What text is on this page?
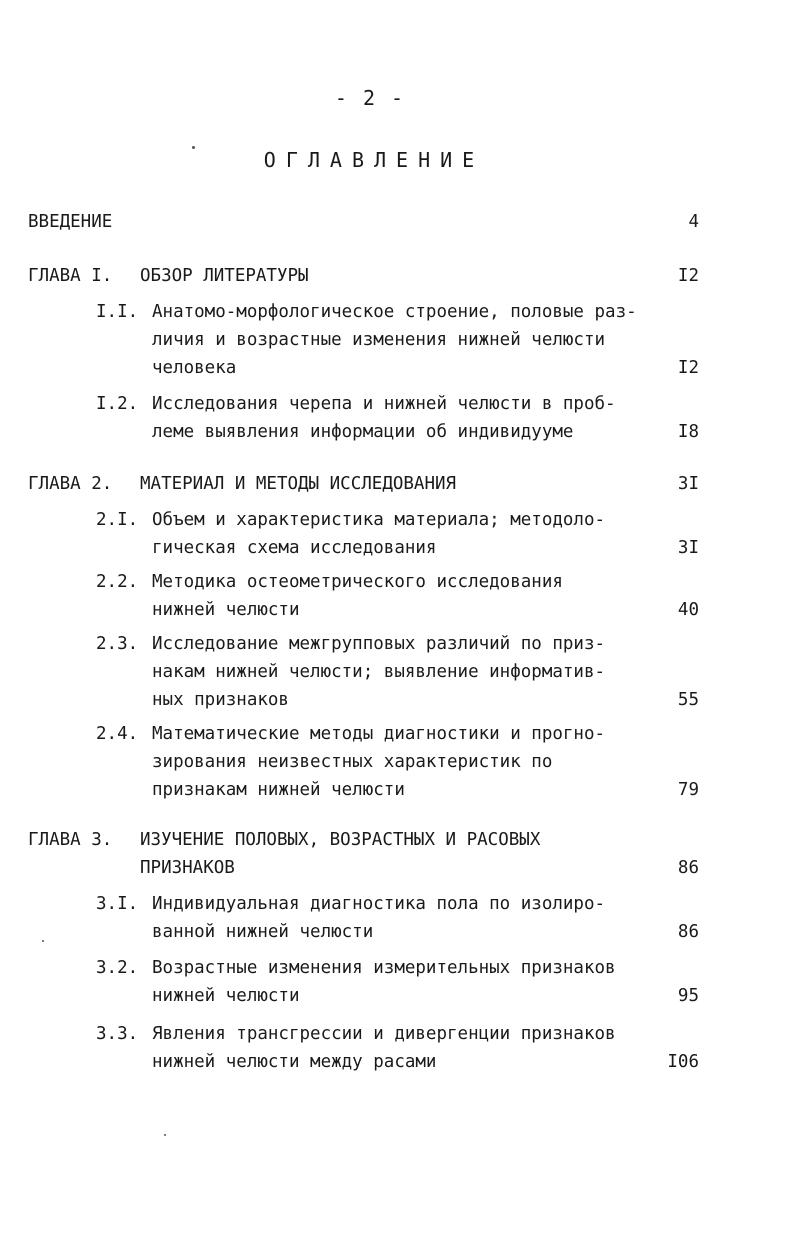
- 2 -
ОГЛАВЛЕНИЕ
ВВЕДЕНИЕ	4
ГЛАВА I. ОБЗОР ЛИТЕРАТУРЫ	I2
I.I. Анатомо-морфологическое строение, половые раз-
личия и возрастные изменения нижней челюсти
человека	I2
I.2. Исследования черепа и нижней челюсти в проб-
леме выявления информации об индивидууме	I8
ГЛАВА 2. МАТЕРИАЛ И МЕТОДЫ ИССЛЕДОВАНИЯ	3I
2.I. Объем и характеристика материала; методоло-
гическая схема исследования	3I
2.2. Методика остеометрического исследования
нижней челюсти	40
2.3. Исследование межгрупповых различий по приз-
накам нижней челюсти; выявление информатив-
ных признаков	55
2.4. Математические методы диагностики и прогно-
зирования неизвестных характеристик по
признакам нижней челюсти	79
ГЛАВА 3. ИЗУЧЕНИЕ ПОЛОВЫХ, ВОЗРАСТНЫХ И РАСОВЫХ
ПРИЗНАКОВ	86
3.I. Индивидуальная диагностика пола по изолиро-
ванной нижней челюсти	86
3.2. Возрастные изменения измерительных признаков
нижней челюсти	95
3.3. Явления трансгрессии и дивергенции признаков
нижней челюсти между расами	I06
